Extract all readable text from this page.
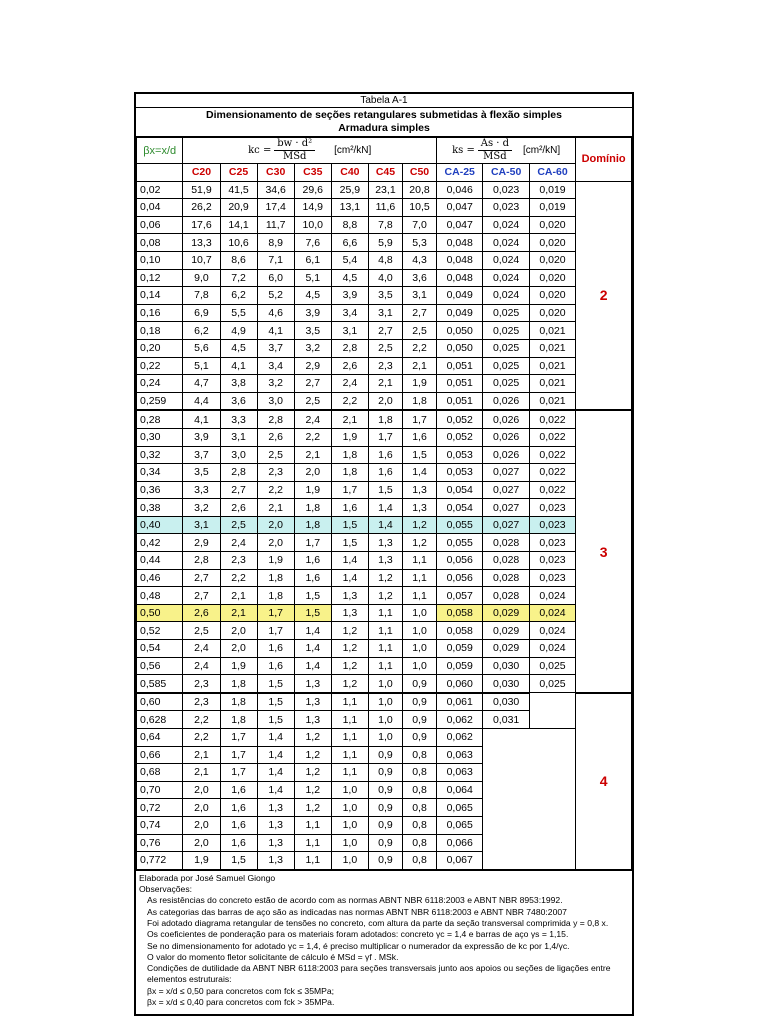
Tabela A-1
Dimensionamento de seções retangulares submetidas à flexão simples
Armadura simples
βx=x/d	kc = $\frac{\text{bw · d²}}{\text{MSd}} [cm^2/kN]$							ks = $\frac{As \cdot d}{\text{MSd}} [cm^2/kN]$			Domínio
	C20	C25	C30	C35	C40	C45	C50	CA-25	CA-50	CA-60	
0,02	51,9	41,5	34,6	29,6	25,9	23,1	20,8	0,046	0,023	0,019	2
0,04	26,2	20,9	17,4	14,9	13,1	11,6	10,5	0,047	0,023	0,019	
0,06	17,6	14,1	11,7	10,0	8,8	7,8	7,0	0,047	0,024	0,020	
0,08	13,3	10,6	8,9	7,6	6,6	5,9	5,3	0,048	0,024	0,020	
0,10	10,7	8,6	7,1	6,1	5,4	4,8	4,3	0,048	0,024	0,020	
0,12	9,0	7,2	6,0	5,1	4,5	4,0	3,6	0,048	0,024	0,020	
0,14	7,8	6,2	5,2	4,5	3,9	3,5	3,1	0,049	0,024	0,020	
0,16	6,9	5,5	4,6	3,9	3,4	3,1	2,7	0,049	0,025	0,020	
0,18	6,2	4,9	4,1	3,5	3,1	2,7	2,5	0,050	0,025	0,021	
0,20	5,6	4,5	3,7	3,2	2,8	2,5	2,2	0,050	0,025	0,021	
0,22	5,1	4,1	3,4	2,9	2,6	2,3	2,1	0,051	0,025	0,021	
0,24	4,7	3,8	3,2	2,7	2,4	2,1	1,9	0,051	0,025	0,021	
0,259	4,4	3,6	3,0	2,5	2,2	2,0	1,8	0,051	0,026	0,021	
0,28	4,1	3,3	2,8	2,4	2,1	1,8	1,7	0,052	0,026	0,022	3
0,30	3,9	3,1	2,6	2,2	1,9	1,7	1,6	0,052	0,026	0,022	
0,32	3,7	3,0	2,5	2,1	1,8	1,6	1,5	0,053	0,026	0,022	
0,34	3,5	2,8	2,3	2,0	1,8	1,6	1,4	0,053	0,027	0,022	
0,36	3,3	2,7	2,2	1,9	1,7	1,5	1,3	0,054	0,027	0,022	
0,38	3,2	2,6	2,1	1,8	1,6	1,4	1,3	0,054	0,027	0,023	
0,40	3,1	2,5	2,0	1,8	1,5	1,4	1,2	0,055	0,027	0,023	
0,42	2,9	2,4	2,0	1,7	1,5	1,3	1,2	0,055	0,028	0,023	
0,44	2,8	2,3	1,9	1,6	1,4	1,3	1,1	0,056	0,028	0,023	
0,46	2,7	2,2	1,8	1,6	1,4	1,2	1,1	0,056	0,028	0,023	
0,48	2,7	2,1	1,8	1,5	1,3	1,2	1,1	0,057	0,028	0,024	
0,50	2,6	2,1	1,7	1,5	1,3	1,1	1,0	0,058	0,029	0,024	
0,52	2,5	2,0	1,7	1,4	1,2	1,1	1,0	0,058	0,029	0,024	
0,54	2,4	2,0	1,6	1,4	1,2	1,1	1,0	0,059	0,029	0,024	
0,56	2,4	1,9	1,6	1,4	1,2	1,1	1,0	0,059	0,030	0,025	
0,585	2,3	1,8	1,5	1,3	1,2	1,0	0,9	0,060	0,030	0,025	
0,60	2,3	1,8	1,5	1,3	1,1	1,0	0,9	0,061	0,030		4
0,628	2,2	1,8	1,5	1,3	1,1	1,0	0,9	0,062	0,031		
0,64	2,2	1,7	1,4	1,2	1,1	1,0	0,9	0,062			
0,66	2,1	1,7	1,4	1,2	1,1	0,9	0,8	0,063			
0,68	2,1	1,7	1,4	1,2	1,1	0,9	0,8	0,063			
0,70	2,0	1,6	1,4	1,2	1,0	0,9	0,8	0,064			
0,72	2,0	1,6	1,3	1,2	1,0	0,9	0,8	0,065			
0,74	2,0	1,6	1,3	1,1	1,0	0,9	0,8	0,065			
0,76	2,0	1,6	1,3	1,1	1,0	0,9	0,8	0,066			
0,772	1,9	1,5	1,3	1,1	1,0	0,9	0,8	0,067			
Elaborada por José Samuel Giongo
Observações:
As resistências do concreto estão de acordo com as normas ABNT NBR 6118:2003 e ABNT NBR 8953:1992.
As categorias das barras de aço são as indicadas nas normas ABNT NBR 6118:2003 e ABNT NBR 7480:2007
Foi adotado diagrama retangular de tensões no concreto, com altura da parte da seção transversal comprimida y = 0,8 x.
Os coeficientes de ponderação para os materiais foram adotados: concreto γc = 1,4 e barras de aço γs = 1,15.
Se no dimensionamento for adotado γc = 1,4, é preciso multiplicar o numerador da expressão de kc por 1,4/γc.
O valor do momento fletor solicitante de cálculo é MSd = γf . MSk.
Condições de dutilidade da ABNT NBR 6118:2003 para seções transversais junto aos apoios ou seções de ligações entre elementos estruturais:
βx = x/d ≤ 0,50 para concretos com fck ≤ 35MPa;
βx = x/d ≤ 0,40 para concretos com fck > 35MPa.
